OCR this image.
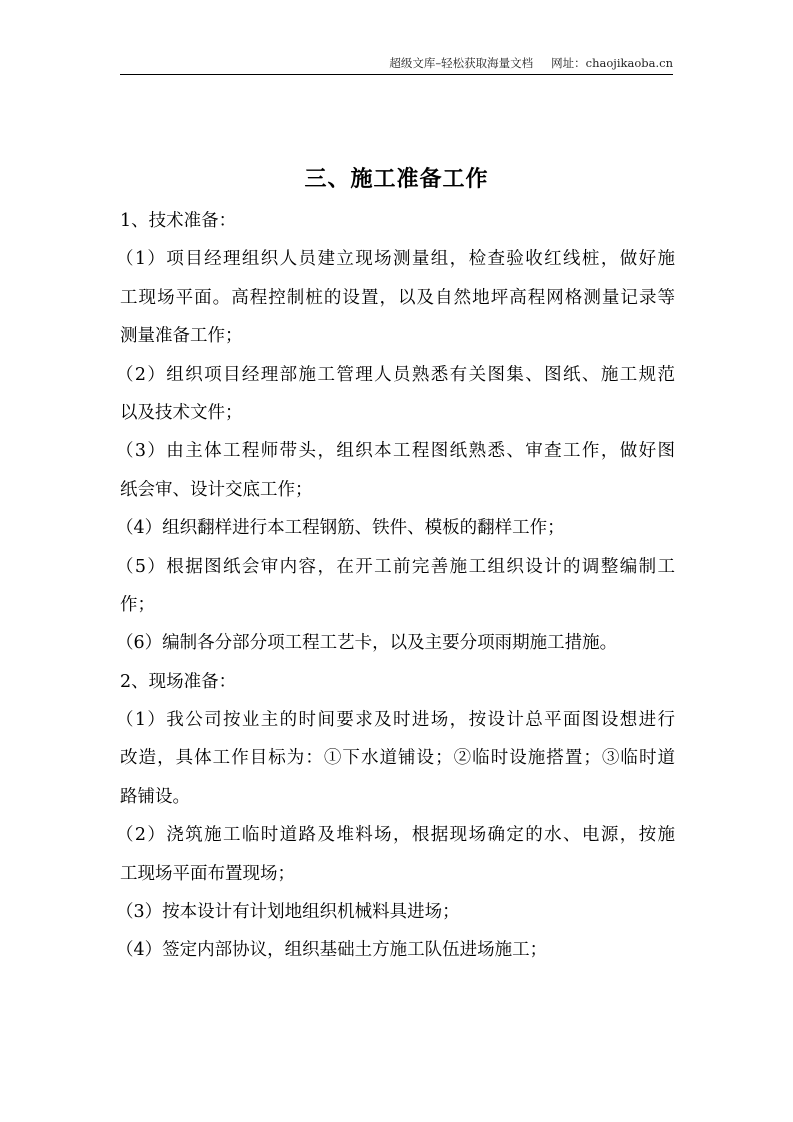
超级文库–轻松获取海量文档 网址：chaojikaoba.cn
三、施工准备工作
1、技术准备：
（1）项目经理组织人员建立现场测量组，检查验收红线桩，做好施
工现场平面。高程控制桩的设置，以及自然地坪高程网格测量记录等
测量准备工作；
（2）组织项目经理部施工管理人员熟悉有关图集、图纸、施工规范
以及技术文件；
（3）由主体工程师带头，组织本工程图纸熟悉、审查工作，做好图
纸会审、设计交底工作；
（4）组织翻样进行本工程钢筋、铁件、模板的翻样工作；
（5）根据图纸会审内容，在开工前完善施工组织设计的调整编制工
作；
（6）编制各分部分项工程工艺卡，以及主要分项雨期施工措施。
2、现场准备：
（1）我公司按业主的时间要求及时进场，按设计总平面图设想进行
改造，具体工作目标为：①下水道铺设；②临时设施搭置；③临时道
路铺设。
（2）浇筑施工临时道路及堆料场，根据现场确定的水、电源，按施
工现场平面布置现场；
（3）按本设计有计划地组织机械料具进场；
（4）签定内部协议，组织基础土方施工队伍进场施工；
